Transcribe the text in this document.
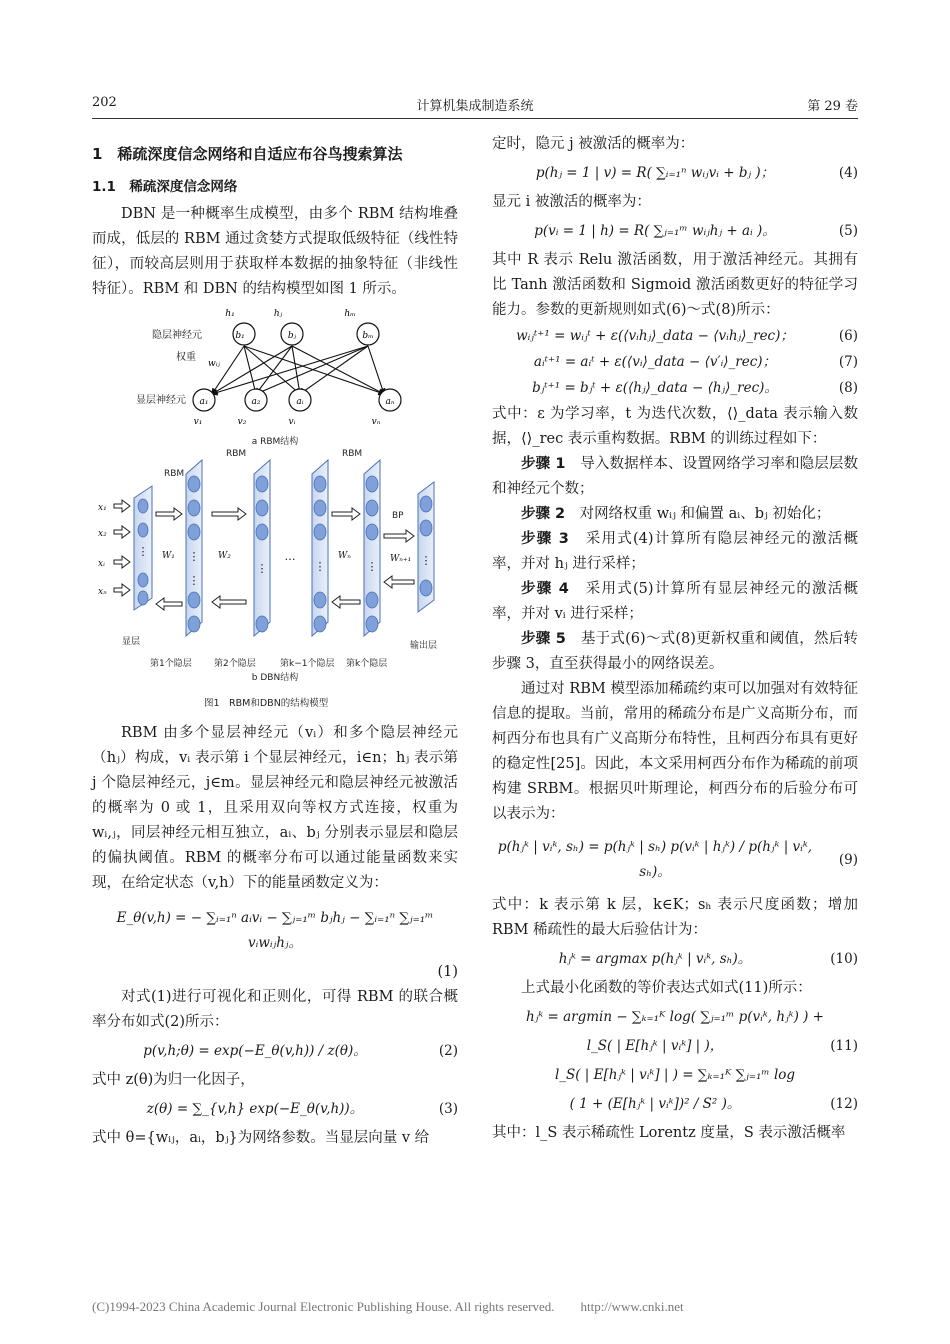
202	计算机集成制造系统	第 29 卷
1　稀疏深度信念网络和自适应布谷鸟搜索算法
1.1　稀疏深度信念网络
DBN 是一种概率生成模型，由多个 RBM 结构堆叠而成，低层的 RBM 通过贪婪方式提取低级特征（线性特征），而较高层则用于获取样本数据的抽象特征（非线性特征）。RBM 和 DBN 的结构模型如图 1 所示。
b₁	bⱼ	bₘ
h₁	hⱼ	hₘ
a₁	a₂	aᵢ	aₙ
v₁	v₂	vᵢ	vₙ
wᵢⱼ
隐层神经元
权重
显层神经元
a RBM结构
⋮	⋮
⋮
⋮	⋮	⋮	⋮
…
x₁
x₂
xᵢ
xₙ
W₁	W₂	Wₙ	Wₙ₊₁
RBM
RBM	RBM
BP
显层	输出层
第1个隐层 第2个隐层	第k−1个隐层 第k个隐层
b DBN结构
图1　RBM和DBN的结构模型
RBM 由多个显层神经元（vᵢ）和多个隐层神经元（hⱼ）构成，vᵢ 表示第 i 个显层神经元，i∈n；hⱼ 表示第 j 个隐层神经元，j∈m。显层神经元和隐层神经元被激活的概率为 0 或 1，且采用双向等权方式连接，权重为 wᵢ,ⱼ，同层神经元相互独立，aᵢ、bⱼ 分别表示显层和隐层的偏执阈值。RBM 的概率分布可以通过能量函数来实现，在给定状态（v,h）下的能量函数定义为：
E_θ(v,h) = − ∑ᵢ₌₁ⁿ aᵢvᵢ − ∑ⱼ₌₁ᵐ bⱼhⱼ − ∑ᵢ₌₁ⁿ ∑ⱼ₌₁ᵐ vᵢwᵢⱼhⱼ。
(1)
对式(1)进行可视化和正则化，可得 RBM 的联合概率分布如式(2)所示：
p(v,h;θ) = exp(−E_θ(v,h)) / z(θ)。	(2)
式中 z(θ)为归一化因子，
z(θ) = ∑_{v,h} exp(−E_θ(v,h))。	(3)
式中 θ={wᵢⱼ，aᵢ，bⱼ}为网络参数。当显层向量 v 给
定时，隐元 j 被激活的概率为：
p(hⱼ = 1 | v) = R( ∑ᵢ₌₁ⁿ wᵢⱼvᵢ + bⱼ )；	(4)
显元 i 被激活的概率为：
p(vᵢ = 1 | h) = R( ∑ⱼ₌₁ᵐ wᵢⱼhⱼ + aᵢ )。	(5)
其中 R 表示 Relu 激活函数，用于激活神经元。其拥有比 Tanh 激活函数和 Sigmoid 激活函数更好的特征学习能力。参数的更新规则如式(6)～式(8)所示：
wᵢⱼᵗ⁺¹ = wᵢⱼᵗ + ε(⟨vᵢhⱼ⟩_data − ⟨vᵢhⱼ⟩_rec)；	(6)
aᵢᵗ⁺¹ = aᵢᵗ + ε(⟨vᵢ⟩_data − ⟨v′ᵢ⟩_rec)；	(7)
bⱼᵗ⁺¹ = bⱼᵗ + ε(⟨hⱼ⟩_data − ⟨hⱼ⟩_rec)。	(8)
式中：ε 为学习率，t 为迭代次数，⟨⟩_data 表示输入数据，⟨⟩_rec 表示重构数据。RBM 的训练过程如下：
步骤 1　 导入数据样本、设置网络学习率和隐层层数和神经元个数；
步骤 2　 对网络权重 wᵢⱼ 和偏置 aᵢ、bⱼ 初始化；
步骤 3　 采用式(4)计算所有隐层神经元的激活概率，并对 hⱼ 进行采样；
步骤 4　 采用式(5)计算所有显层神经元的激活概率，并对 vᵢ 进行采样；
步骤 5　 基于式(6)～式(8)更新权重和阈值，然后转步骤 3，直至获得最小的网络误差。
通过对 RBM 模型添加稀疏约束可以加强对有效特征信息的提取。当前，常用的稀疏分布是广义高斯分布，而柯西分布也具有广义高斯分布特性，且柯西分布具有更好的稳定性[25]。因此，本文采用柯西分布作为稀疏的前项构建 SRBM。根据贝叶斯理论，柯西分布的后验分布可以表示为：
p(hⱼᵏ | vᵢᵏ, sₕ) = p(hⱼᵏ | sₕ) p(vᵢᵏ | hⱼᵏ) / p(hⱼᵏ | vᵢᵏ, sₕ)。
(9)
式中：k 表示第 k 层，k∈K；sₕ 表示尺度函数；增加 RBM 稀疏性的最大后验估计为：
hⱼᵏ = argmax p(hⱼᵏ | vᵢᵏ, sₕ)。	(10)
上式最小化函数的等价表达式如式(11)所示：
hⱼᵏ = argmin − ∑ₖ₌₁ᴷ log( ∑ⱼ₌₁ᵐ p(vᵢᵏ, hⱼᵏ) ) +
l_S( | E[hⱼᵏ | vᵢᵏ] | )，	(11)
l_S( | E[hⱼᵏ | vᵢᵏ] | ) = ∑ₖ₌₁ᴷ ∑ⱼ₌₁ᵐ log
( 1 + (E[hⱼᵏ | vᵢᵏ])² / S² )。	(12)
其中：l_S 表示稀疏性 Lorentz 度量，S 表示激活概率
(C)1994-2023 China Academic Journal Electronic Publishing House. All rights reserved.　　http://www.cnki.net
